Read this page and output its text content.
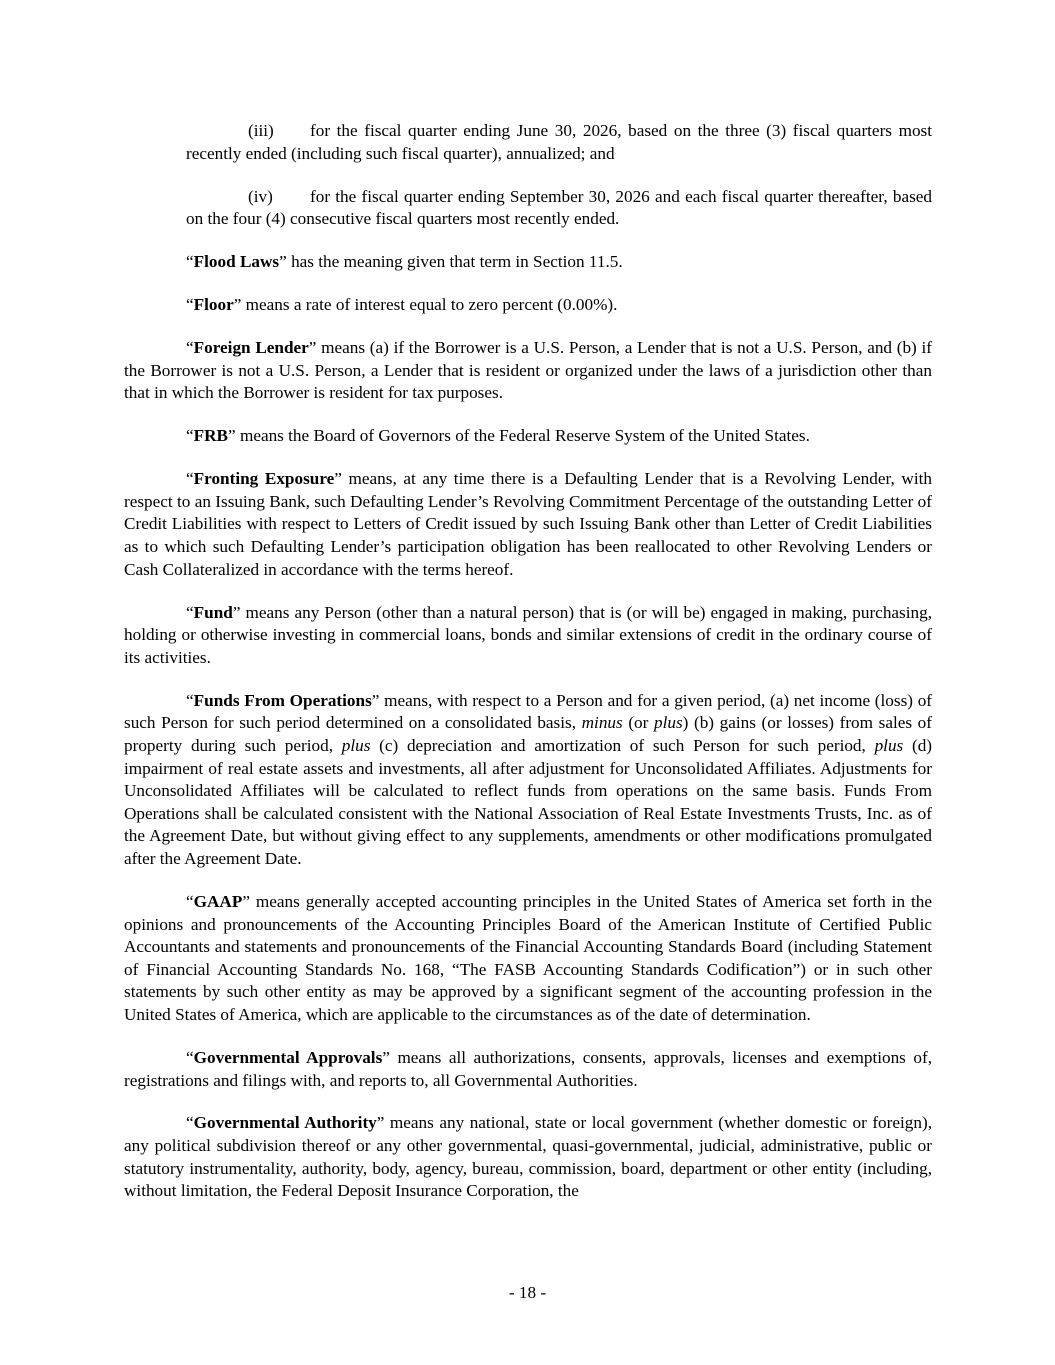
(iii) for the fiscal quarter ending June 30, 2026, based on the three (3) fiscal quarters most recently ended (including such fiscal quarter), annualized; and

(iv) for the fiscal quarter ending September 30, 2026 and each fiscal quarter thereafter, based on the four (4) consecutive fiscal quarters most recently ended.

“Flood Laws” has the meaning given that term in Section 11.5.

“Floor” means a rate of interest equal to zero percent (0.00%).

“Foreign Lender” means (a) if the Borrower is a U.S. Person, a Lender that is not a U.S. Person, and (b) if the Borrower is not a U.S. Person, a Lender that is resident or organized under the laws of a jurisdiction other than that in which the Borrower is resident for tax purposes.

“FRB” means the Board of Governors of the Federal Reserve System of the United States.

“Fronting Exposure” means, at any time there is a Defaulting Lender that is a Revolving Lender, with respect to an Issuing Bank, such Defaulting Lender’s Revolving Commitment Percentage of the outstanding Letter of Credit Liabilities with respect to Letters of Credit issued by such Issuing Bank other than Letter of Credit Liabilities as to which such Defaulting Lender’s participation obligation has been reallocated to other Revolving Lenders or Cash Collateralized in accordance with the terms hereof.

“Fund” means any Person (other than a natural person) that is (or will be) engaged in making, purchasing, holding or otherwise investing in commercial loans, bonds and similar extensions of credit in the ordinary course of its activities.

“Funds From Operations” means, with respect to a Person and for a given period, (a) net income (loss) of such Person for such period determined on a consolidated basis, minus (or plus) (b) gains (or losses) from sales of property during such period, plus (c) depreciation and amortization of such Person for such period, plus (d) impairment of real estate assets and investments, all after adjustment for Unconsolidated Affiliates. Adjustments for Unconsolidated Affiliates will be calculated to reflect funds from operations on the same basis. Funds From Operations shall be calculated consistent with the National Association of Real Estate Investments Trusts, Inc. as of the Agreement Date, but without giving effect to any supplements, amendments or other modifications promulgated after the Agreement Date.

“GAAP” means generally accepted accounting principles in the United States of America set forth in the opinions and pronouncements of the Accounting Principles Board of the American Institute of Certified Public Accountants and statements and pronouncements of the Financial Accounting Standards Board (including Statement of Financial Accounting Standards No. 168, “The FASB Accounting Standards Codification”) or in such other statements by such other entity as may be approved by a significant segment of the accounting profession in the United States of America, which are applicable to the circumstances as of the date of determination.

“Governmental Approvals” means all authorizations, consents, approvals, licenses and exemptions of, registrations and filings with, and reports to, all Governmental Authorities.

“Governmental Authority” means any national, state or local government (whether domestic or foreign), any political subdivision thereof or any other governmental, quasi-governmental, judicial, administrative, public or statutory instrumentality, authority, body, agency, bureau, commission, board, department or other entity (including, without limitation, the Federal Deposit Insurance Corporation, the

- 18 -
